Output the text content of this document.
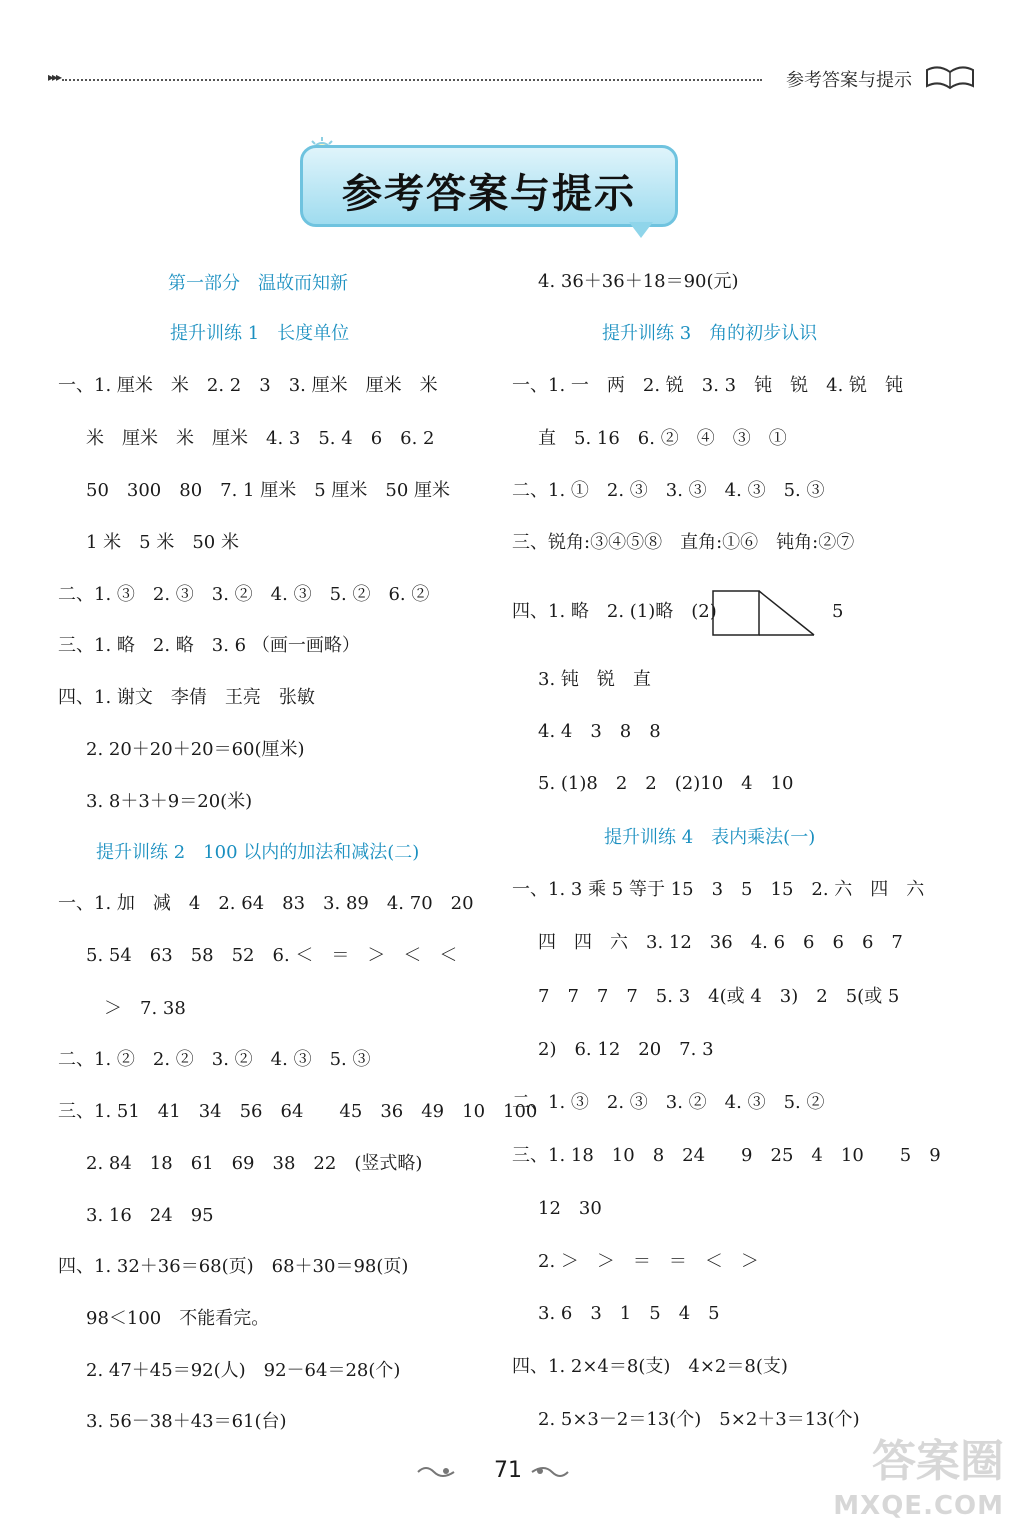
▸▸▸	参考答案与提示
参考答案与提示
第一部分　温故而知新
提升训练 1　长度单位
一、1. 厘米　米　2. 2　3　3. 厘米　厘米　米
米　厘米　米　厘米　4. 3　5. 4　6　6. 2
50　300　80　7. 1 厘米　5 厘米　50 厘米
1 米　5 米　50 米
二、1. ③　2. ③　3. ②　4. ③　5. ②　6. ②
三、1. 略　2. 略　3. 6 （画一画略）
四、1. 谢文　李倩　王亮　张敏
2. 20＋20＋20＝60(厘米)
3. 8＋3＋9＝20(米)
提升训练 2　100 以内的加法和减法(二)
一、1. 加　减　4　2. 64　83　3. 89　4. 70　20
5. 54　63　58　52　6. ＜　＝　＞　＜　＜
＞　7. 38
二、1. ②　2. ②　3. ②　4. ③　5. ③
三、1. 51　41　34　56　64　　45　36　49　10　100
2. 84　18　61　69　38　22　(竖式略)
3. 16　24　95
四、1. 32＋36＝68(页)　68＋30＝98(页)
98＜100　不能看完。
2. 47＋45＝92(人)　92－64＝28(个)
3. 56－38＋43＝61(台)
4. 36＋36＋18＝90(元)
提升训练 3　角的初步认识
一、1. 一　两　2. 锐　3. 3　钝　锐　4. 锐　钝
直　5. 16　6. ②　④　③　①
二、1. ①　2. ③　3. ③　4. ③　5. ③
三、锐角:③④⑤⑧　直角:①⑥　钝角:②⑦
四、1. 略　2. (1)略　(2)	5
3. 钝　锐　直
4. 4　3　8　8
5. (1)8　2　2　(2)10　4　10
提升训练 4　表内乘法(一)
一、1. 3 乘 5 等于 15　3　5　15　2. 六　四　六
四　四　六　3. 12　36　4. 6　6　6　6　7
7　7　7　7　5. 3　4(或 4　3)　2　5(或 5
2)　6. 12　20　7. 3
二、1. ③　2. ③　3. ②　4. ③　5. ②
三、1. 18　10　8　24　　9　25　4　10　　5　9
12　30
2. ＞　＞　＝　＝　＜　＞
3. 6　3　1　5　4　5
四、1. 2×4＝8(支)　4×2＝8(支)
2. 5×3－2＝13(个)　5×2＋3＝13(个)
71	答案圈
MXQE.COM
